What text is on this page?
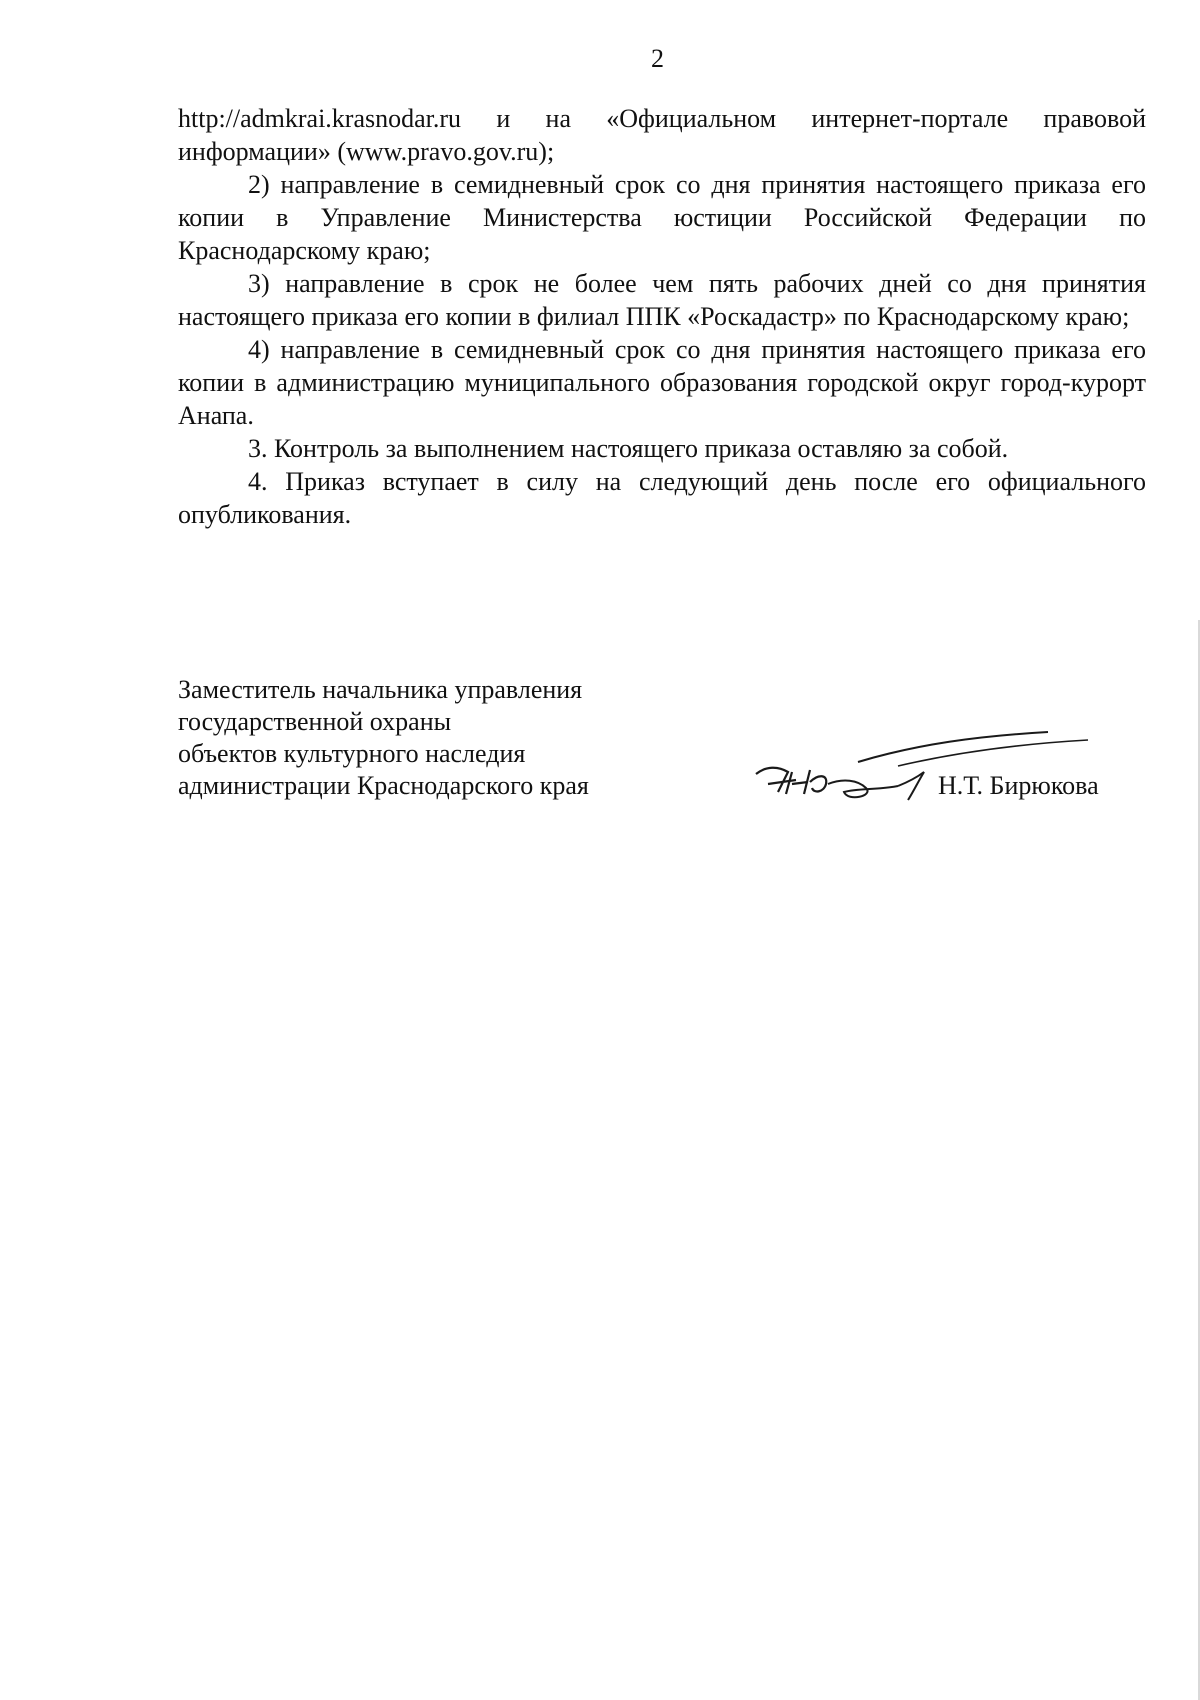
2

http://admkrai.krasnodar.ru и на «Официальном интернет-портале правовой информации» (www.pravo.gov.ru);

2) направление в семидневный срок со дня принятия настоящего приказа его копии в Управление Министерства юстиции Российской Федерации по Краснодарскому краю;

3) направление в срок не более чем пять рабочих дней со дня принятия настоящего приказа его копии в филиал ППК «Роскадастр» по Краснодарскому краю;

4) направление в семидневный срок со дня принятия настоящего приказа его копии в администрацию муниципального образования городской округ город-курорт Анапа.

3. Контроль за выполнением настоящего приказа оставляю за собой.

4. Приказ вступает в силу на следующий день после его официального опубликования.

Заместитель начальника управления
государственной охраны
объектов культурного наследия
администрации Краснодарского края	Н.Т. Бирюкова
